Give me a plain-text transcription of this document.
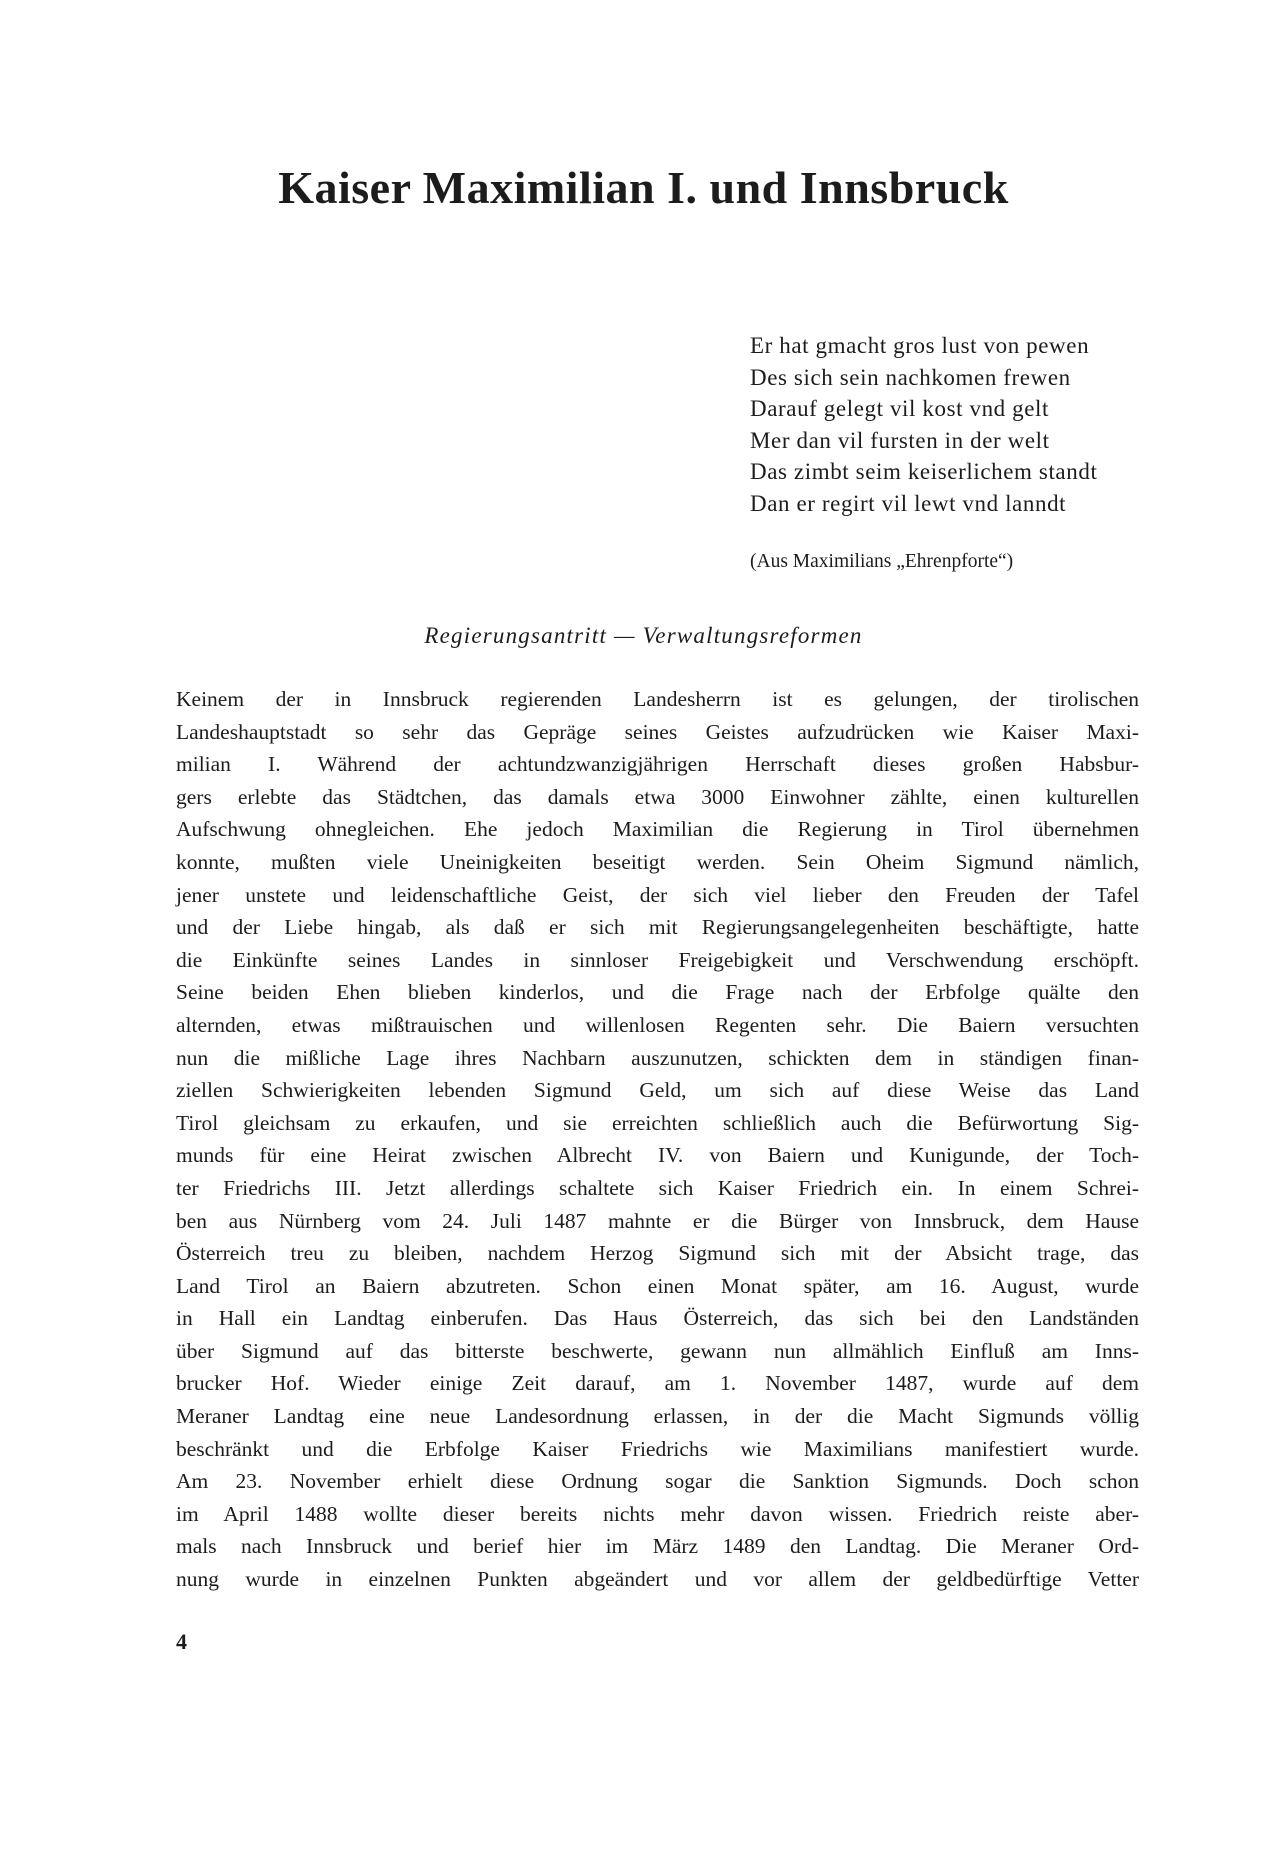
Kaiser Maximilian I. und Innsbruck
Er hat gmacht gros lust von pewen
Des sich sein nachkomen frewen
Darauf gelegt vil kost vnd gelt
Mer dan vil fursten in der welt
Das zimbt seim keiserlichem standt
Dan er regirt vil lewt vnd lanndt
(Aus Maximilians „Ehrenpforte“)
Regierungsantritt — Verwaltungsreformen
Keinem der in Innsbruck regierenden Landesherrn ist es gelungen, der tirolischen
Landeshauptstadt so sehr das Gepräge seines Geistes aufzudrücken wie Kaiser Maxi-
milian I. Während der achtundzwanzigjährigen Herrschaft dieses großen Habsbur-
gers erlebte das Städtchen, das damals etwa 3000 Einwohner zählte, einen kulturellen
Aufschwung ohnegleichen. Ehe jedoch Maximilian die Regierung in Tirol übernehmen
konnte, mußten viele Uneinigkeiten beseitigt werden. Sein Oheim Sigmund nämlich,
jener unstete und leidenschaftliche Geist, der sich viel lieber den Freuden der Tafel
und der Liebe hingab, als daß er sich mit Regierungsangelegenheiten beschäftigte, hatte
die Einkünfte seines Landes in sinnloser Freigebigkeit und Verschwendung erschöpft.
Seine beiden Ehen blieben kinderlos, und die Frage nach der Erbfolge quälte den
alternden, etwas mißtrauischen und willenlosen Regenten sehr. Die Baiern versuchten
nun die mißliche Lage ihres Nachbarn auszunutzen, schickten dem in ständigen finan-
ziellen Schwierigkeiten lebenden Sigmund Geld, um sich auf diese Weise das Land
Tirol gleichsam zu erkaufen, und sie erreichten schließlich auch die Befürwortung Sig-
munds für eine Heirat zwischen Albrecht IV. von Baiern und Kunigunde, der Toch-
ter Friedrichs III. Jetzt allerdings schaltete sich Kaiser Friedrich ein. In einem Schrei-
ben aus Nürnberg vom 24. Juli 1487 mahnte er die Bürger von Innsbruck, dem Hause
Österreich treu zu bleiben, nachdem Herzog Sigmund sich mit der Absicht trage, das
Land Tirol an Baiern abzutreten. Schon einen Monat später, am 16. August, wurde
in Hall ein Landtag einberufen. Das Haus Österreich, das sich bei den Landständen
über Sigmund auf das bitterste beschwerte, gewann nun allmählich Einfluß am Inns-
brucker Hof. Wieder einige Zeit darauf, am 1. November 1487, wurde auf dem
Meraner Landtag eine neue Landesordnung erlassen, in der die Macht Sigmunds völlig
beschränkt und die Erbfolge Kaiser Friedrichs wie Maximilians manifestiert wurde.
Am 23. November erhielt diese Ordnung sogar die Sanktion Sigmunds. Doch schon
im April 1488 wollte dieser bereits nichts mehr davon wissen. Friedrich reiste aber-
mals nach Innsbruck und berief hier im März 1489 den Landtag. Die Meraner Ord-
nung wurde in einzelnen Punkten abgeändert und vor allem der geldbedürftige Vetter
4
